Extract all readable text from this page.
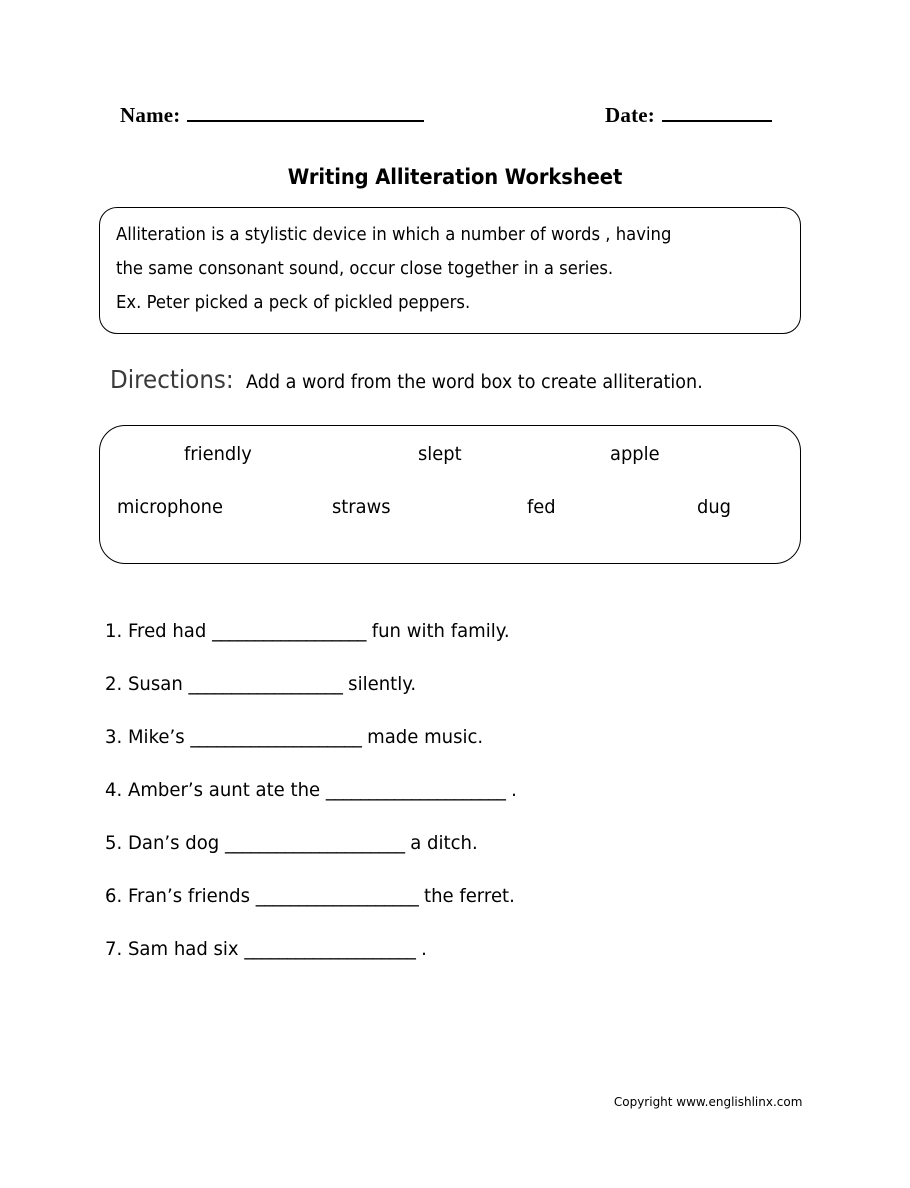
Name:	Date:
Writing Alliteration Worksheet
Alliteration is a stylistic device in which a number of words , having
the same consonant sound, occur close together in a series.
Ex. Peter picked a peck of pickled peppers.
Directions: Add a word from the word box to create alliteration.
friendly	slept	apple
microphone	straws	fed	dug
1. Fred had __________________ fun with family.
2. Susan __________________ silently.
3. Mike’s ____________________ made music.
4. Amber’s aunt ate the _____________________ .
5. Dan’s dog _____________________ a ditch.
6. Fran’s friends ___________________ the ferret.
7. Sam had six ____________________ .
Copyright www.englishlinx.com
